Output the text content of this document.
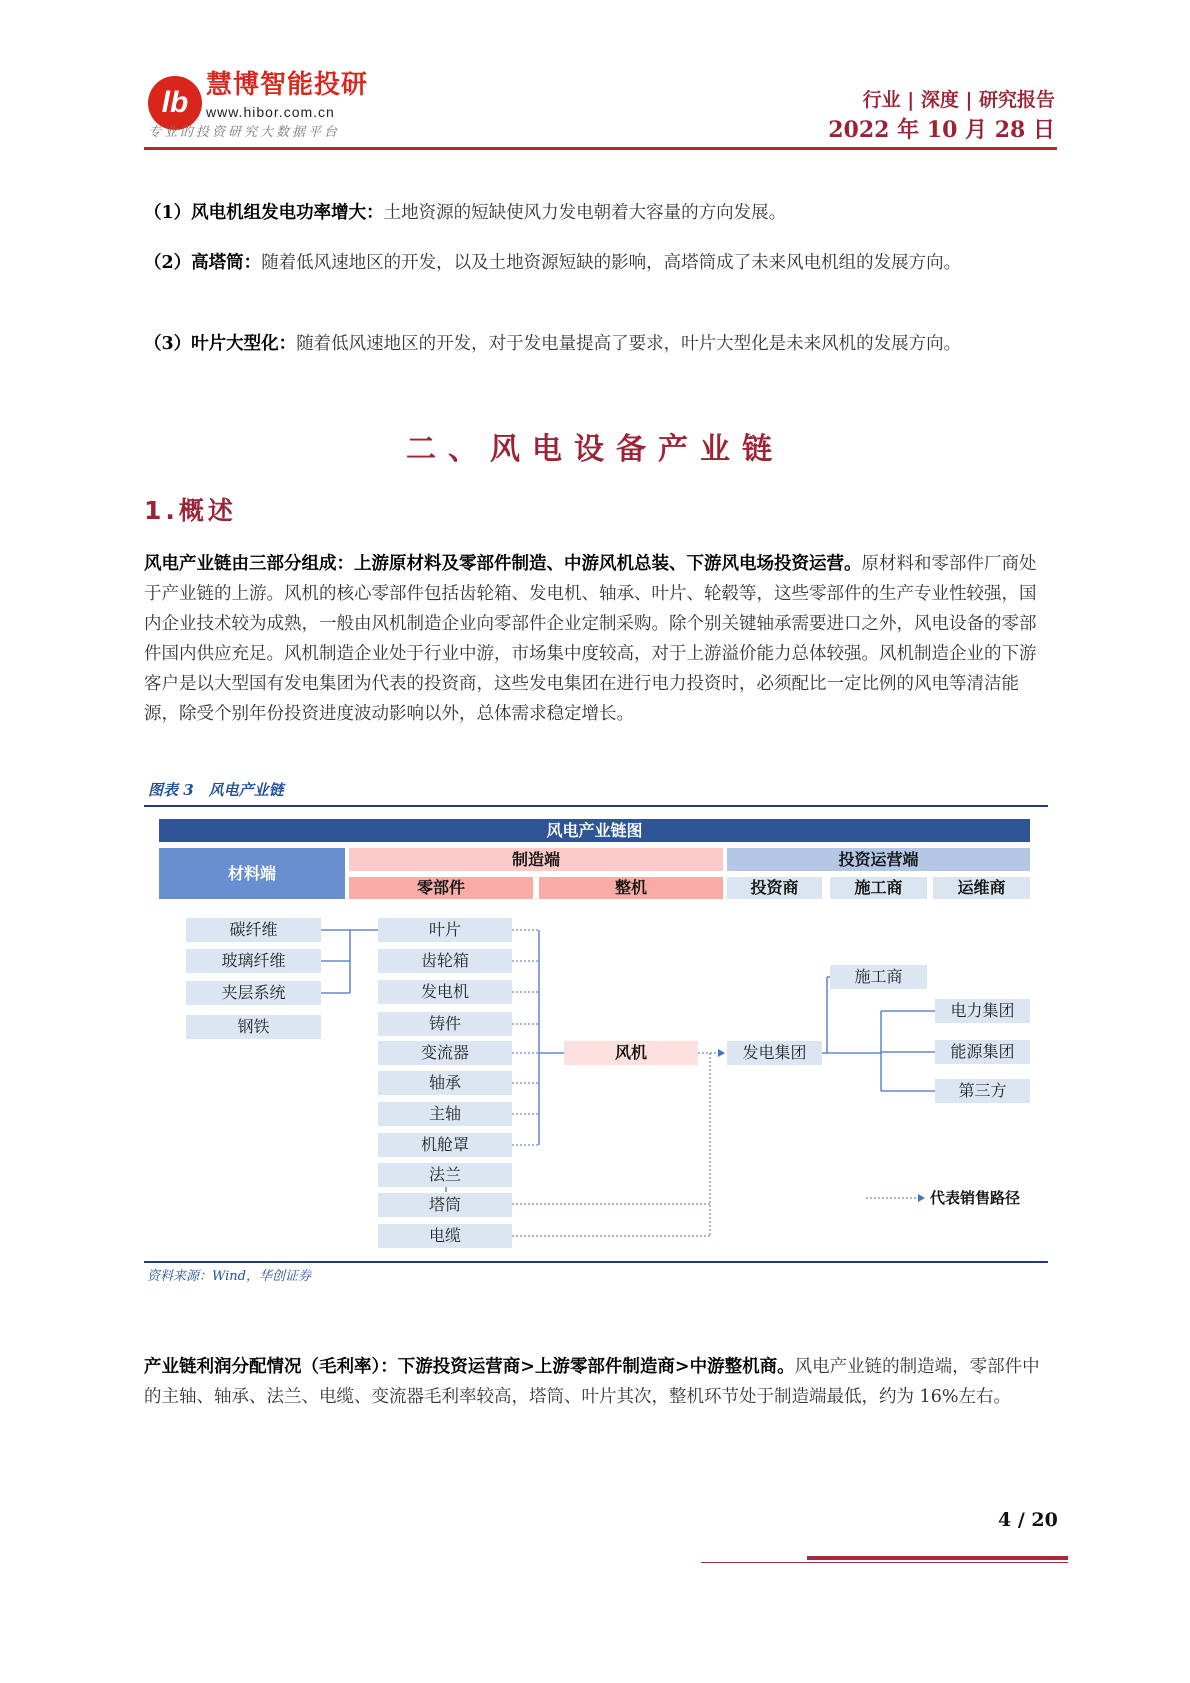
lb
慧博智能投研
www.hibor.com.cn
专业的投资研究大数据平台
行业 | 深度 | 研究报告
2022 年 10 月 28 日
（1）风电机组发电功率增大：土地资源的短缺使风力发电朝着大容量的方向发展。
（2）高塔筒：随着低风速地区的开发，以及土地资源短缺的影响，高塔筒成了未来风电机组的发展方向。
（3）叶片大型化：随着低风速地区的开发，对于发电量提高了要求，叶片大型化是未来风机的发展方向。
二、风电设备产业链
1.概述
风电产业链由三部分组成：上游原材料及零部件制造、中游风机总装、下游风电场投资运营。原材料和零部件厂商处于产业链的上游。风机的核心零部件包括齿轮箱、发电机、轴承、叶片、轮毂等，这些零部件的生产专业性较强，国内企业技术较为成熟，一般由风机制造企业向零部件企业定制采购。除个别关键轴承需要进口之外，风电设备的零部件国内供应充足。风机制造企业处于行业中游，市场集中度较高，对于上游溢价能力总体较强。风机制造企业的下游客户是以大型国有发电集团为代表的投资商，这些发电集团在进行电力投资时，必须配比一定比例的风电等清洁能源，除受个别年份投资进度波动影响以外，总体需求稳定增长。
图表 3　风电产业链
风电产业链图
材料端
制造端
零部件	整机
投资运营端
投资商	施工商	运维商
碳纤维
玻璃纤维
夹层系统
钢铁
叶片
齿轮箱
发电机
铸件
变流器
轴承
主轴
机舱罩
法兰
塔筒
电缆
风机	发电集团
施工商
电力集团
能源集团
第三方
代表销售路径
资料来源：Wind，华创证券
产业链利润分配情况（毛利率）：下游投资运营商>上游零部件制造商>中游整机商。风电产业链的制造端，零部件中的主轴、轴承、法兰、电缆、变流器毛利率较高，塔筒、叶片其次，整机环节处于制造端最低，约为 16%左右。
4 / 20
